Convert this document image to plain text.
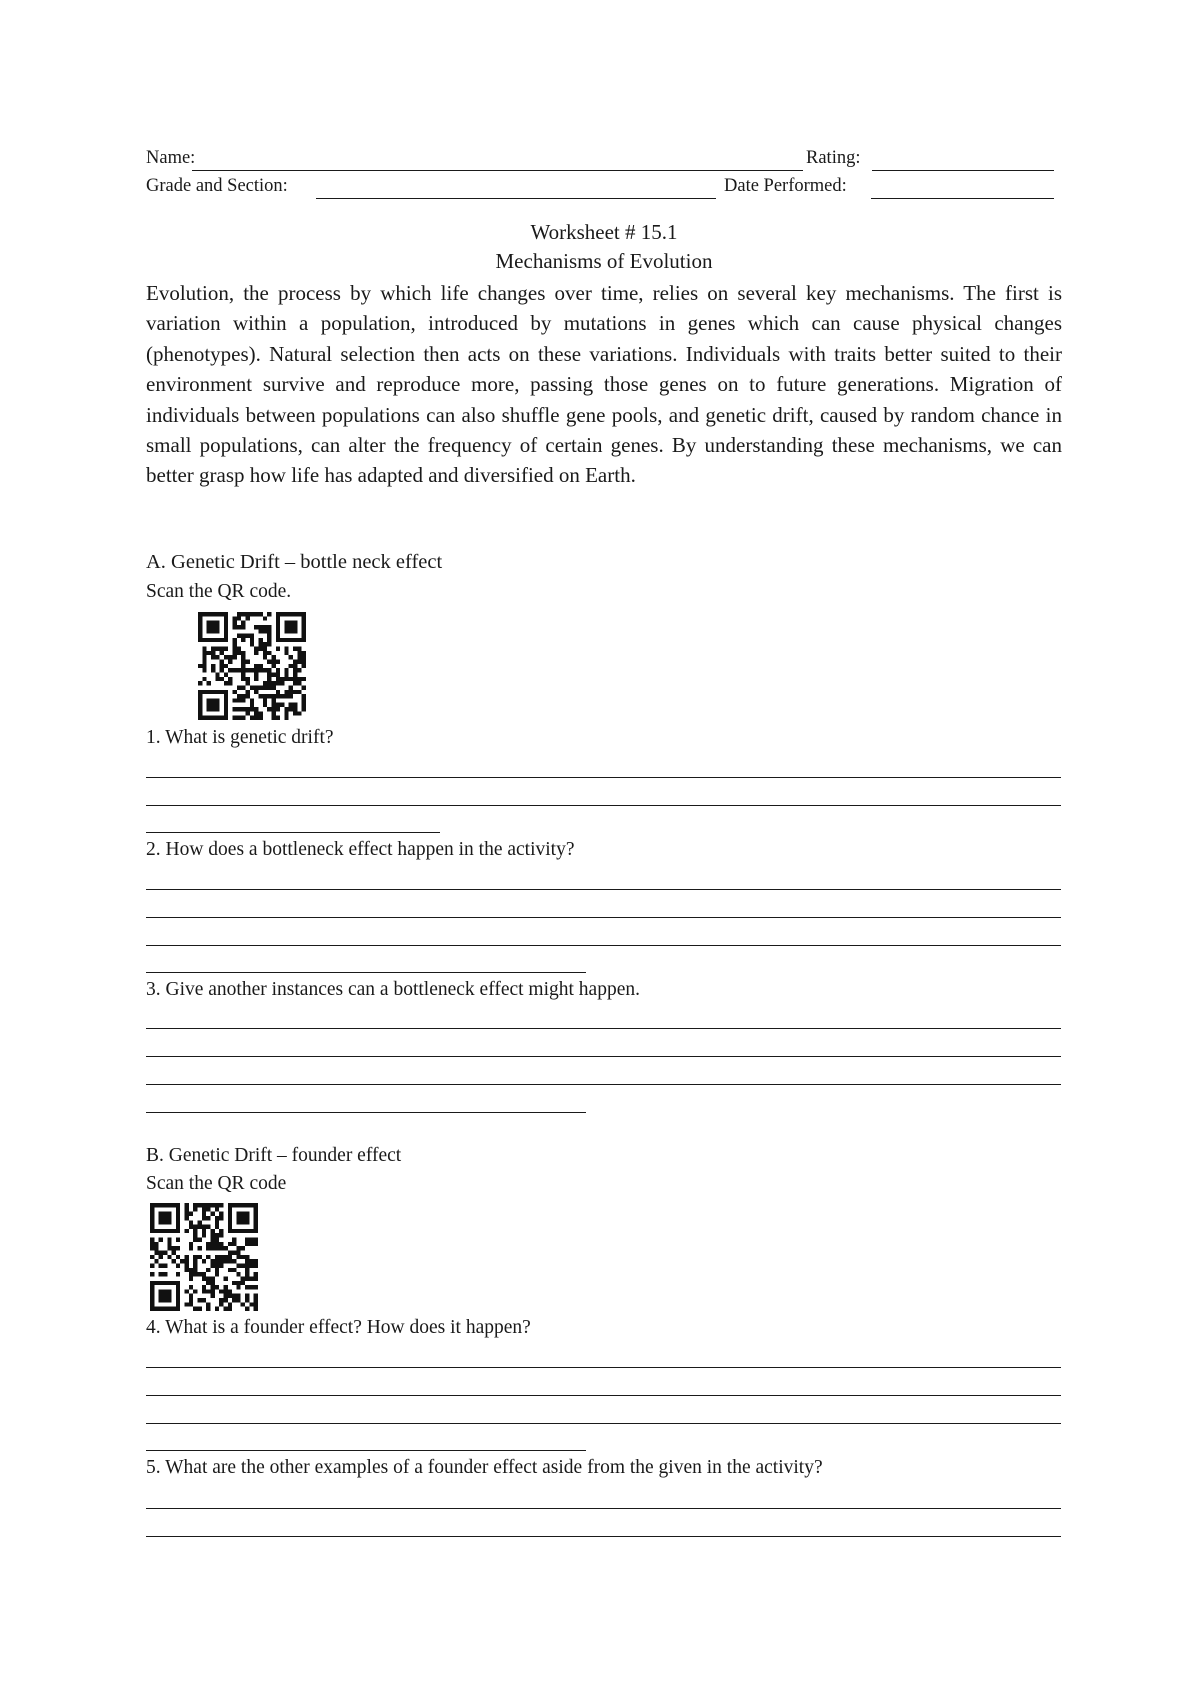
Name:	Rating:
Grade and Section:	Date Performed:
Worksheet # 15.1
Mechanisms of Evolution
Evolution, the process by which life changes over time, relies on several key mechanisms. The first is variation within a population, introduced by mutations in genes which can cause physical changes (phenotypes). Natural selection then acts on these variations. Individuals with traits better suited to their environment survive and reproduce more, passing those genes on to future generations. Migration of individuals between populations can also shuffle gene pools, and genetic drift, caused by random chance in small populations, can alter the frequency of certain genes. By understanding these mechanisms, we can better grasp how life has adapted and diversified on Earth.
A. Genetic Drift – bottle neck effect
Scan the QR code.
1. What is genetic drift?
2. How does a bottleneck effect happen in the activity?
3. Give another instances can a bottleneck effect might happen.
B. Genetic Drift – founder effect
Scan the QR code
4. What is a founder effect? How does it happen?
5. What are the other examples of a founder effect aside from the given in the activity?
